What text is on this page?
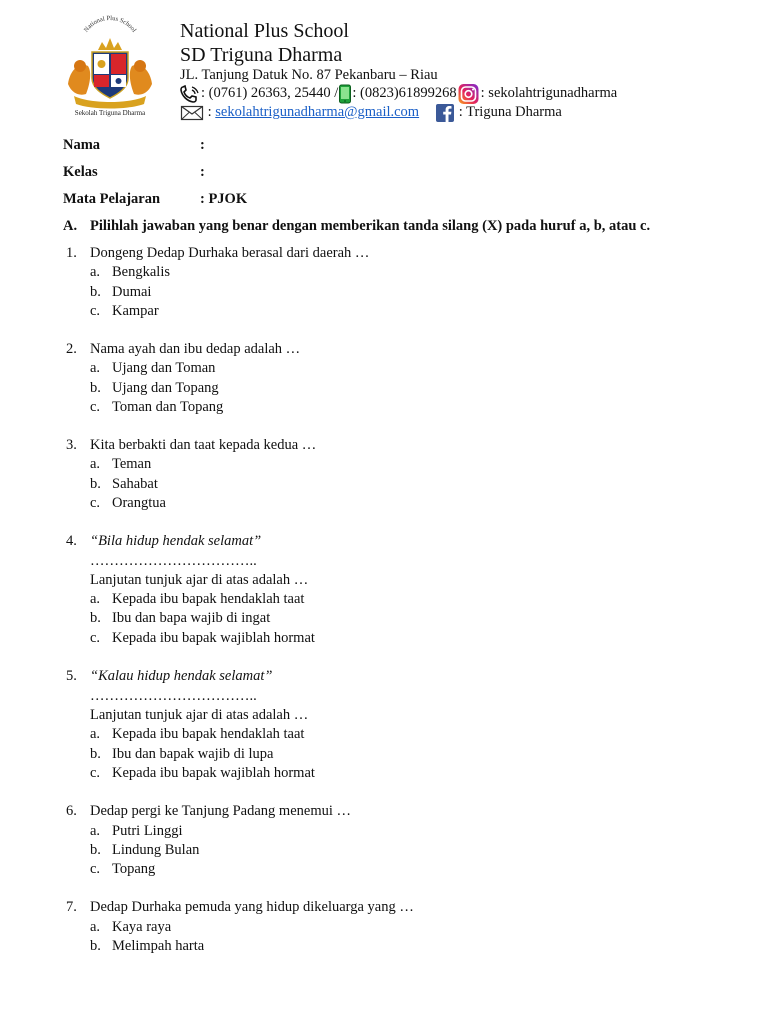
National Plus School
Sekolah Triguna Dharma
National Plus School
SD Triguna Dharma
JL. Tanjung Datuk No. 87 Pekanbaru – Riau
: (0761) 26363, 25440 / : (0823)61899268 : sekolahtrigunadharma
: sekolahtrigunadharma@gmail.com : Triguna Dharma
Nama	:
Kelas	:
Mata Pelajaran	: PJOK
A. Pilihlah jawaban yang benar dengan memberikan tanda silang (X) pada huruf a, b, atau c.
1. Dongeng Dedap Durhaka berasal dari daerah …
a. Bengkalis
b. Dumai
c. Kampar
2. Nama ayah dan ibu dedap adalah …
a. Ujang dan Toman
b. Ujang dan Topang
c. Toman dan Topang
3. Kita berbakti dan taat kepada kedua …
a. Teman
b. Sahabat
c. Orangtua
4. “Bila hidup hendak selamat”
……………………………..
Lanjutan tunjuk ajar di atas adalah …
a. Kepada ibu bapak hendaklah taat
b. Ibu dan bapa wajib di ingat
c. Kepada ibu bapak wajiblah hormat
5. “Kalau hidup hendak selamat”
……………………………..
Lanjutan tunjuk ajar di atas adalah …
a. Kepada ibu bapak hendaklah taat
b. Ibu dan bapak wajib di lupa
c. Kepada ibu bapak wajiblah hormat
6. Dedap pergi ke Tanjung Padang menemui …
a. Putri Linggi
b. Lindung Bulan
c. Topang
7. Dedap Durhaka pemuda yang hidup dikeluarga yang …
a. Kaya raya
b. Melimpah harta
